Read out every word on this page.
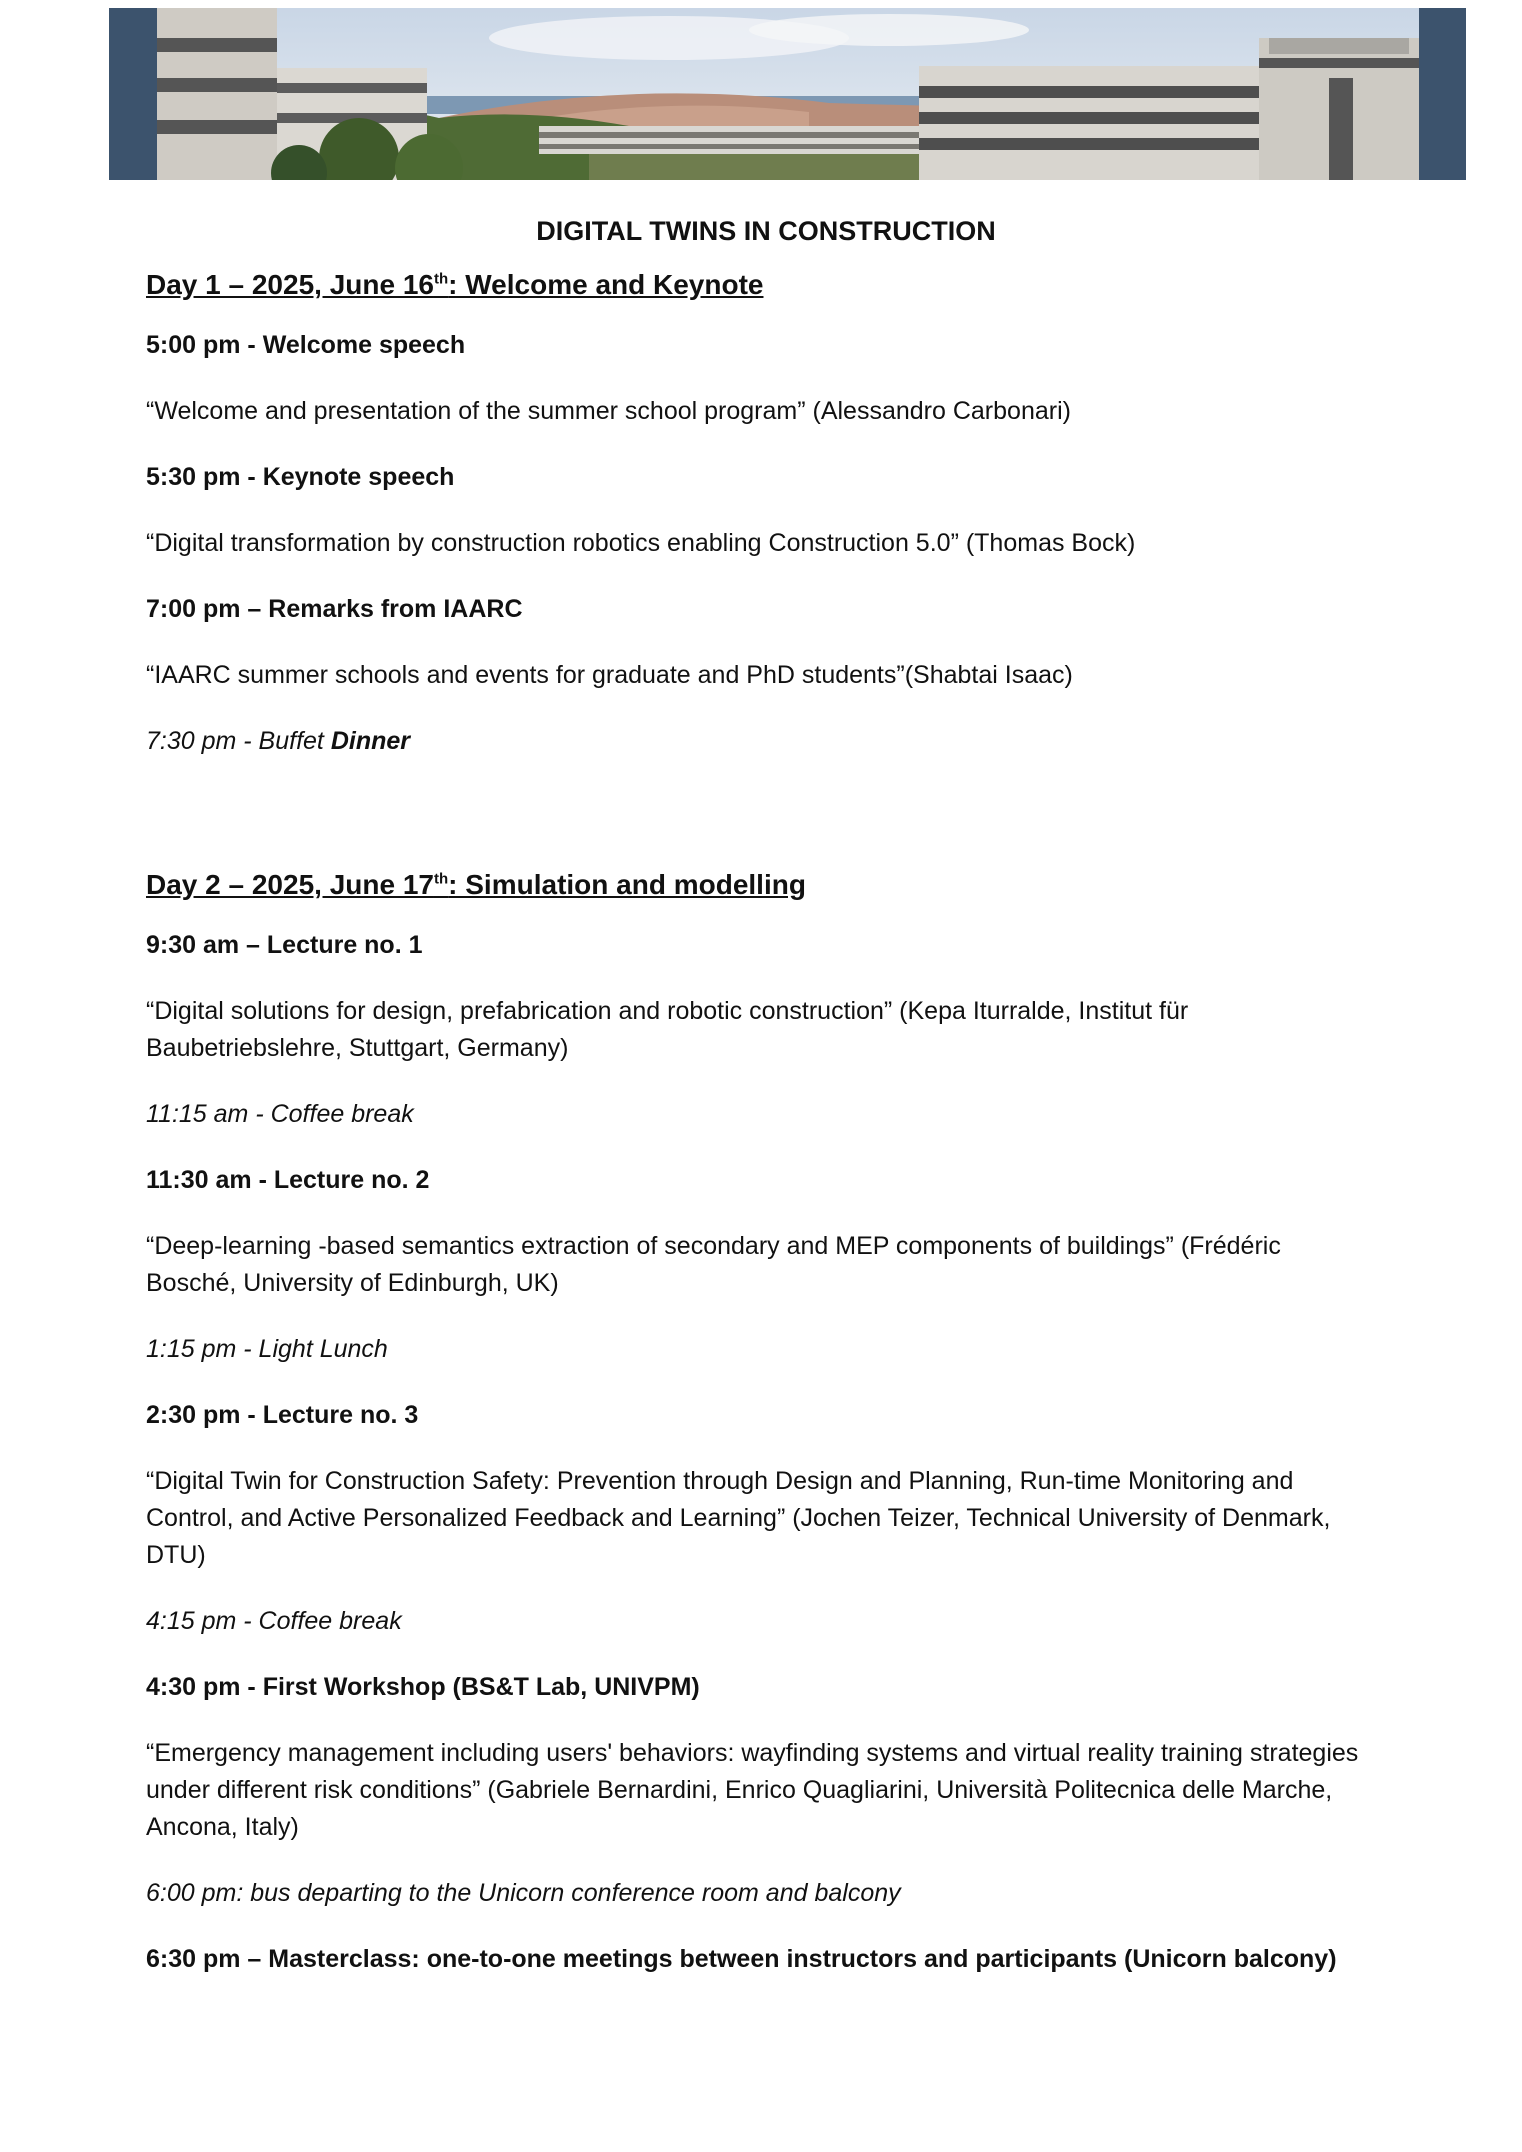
DIGITAL TWINS IN CONSTRUCTION
Day 1 – 2025, June 16th: Welcome and Keynote
5:00 pm - Welcome speech
“Welcome and presentation of the summer school program” (Alessandro Carbonari)
5:30 pm - Keynote speech
“Digital transformation by construction robotics enabling Construction 5.0” (Thomas Bock)
7:00 pm – Remarks from IAARC
“IAARC summer schools and events for graduate and PhD students”(Shabtai Isaac)
7:30 pm - Buffet Dinner
Day 2 – 2025, June 17th: Simulation and modelling
9:30 am – Lecture no. 1
“Digital solutions for design, prefabrication and robotic construction” (Kepa Iturralde, Institut für Baubetriebslehre, Stuttgart, Germany)
11:15 am - Coffee break
11:30 am - Lecture no. 2
“Deep-learning -based semantics extraction of secondary and MEP components of buildings” (Frédéric Bosché, University of Edinburgh, UK)
1:15 pm - Light Lunch
2:30 pm - Lecture no. 3
“Digital Twin for Construction Safety: Prevention through Design and Planning, Run-time Monitoring and Control, and Active Personalized Feedback and Learning” (Jochen Teizer, Technical University of Denmark, DTU)
4:15 pm - Coffee break
4:30 pm - First Workshop (BS&T Lab, UNIVPM)
“Emergency management including users' behaviors: wayfinding systems and virtual reality training strategies under different risk conditions” (Gabriele Bernardini, Enrico Quagliarini, Università Politecnica delle Marche, Ancona, Italy)
6:00 pm: bus departing to the Unicorn conference room and balcony
6:30 pm – Masterclass: one-to-one meetings between instructors and participants (Unicorn balcony)
